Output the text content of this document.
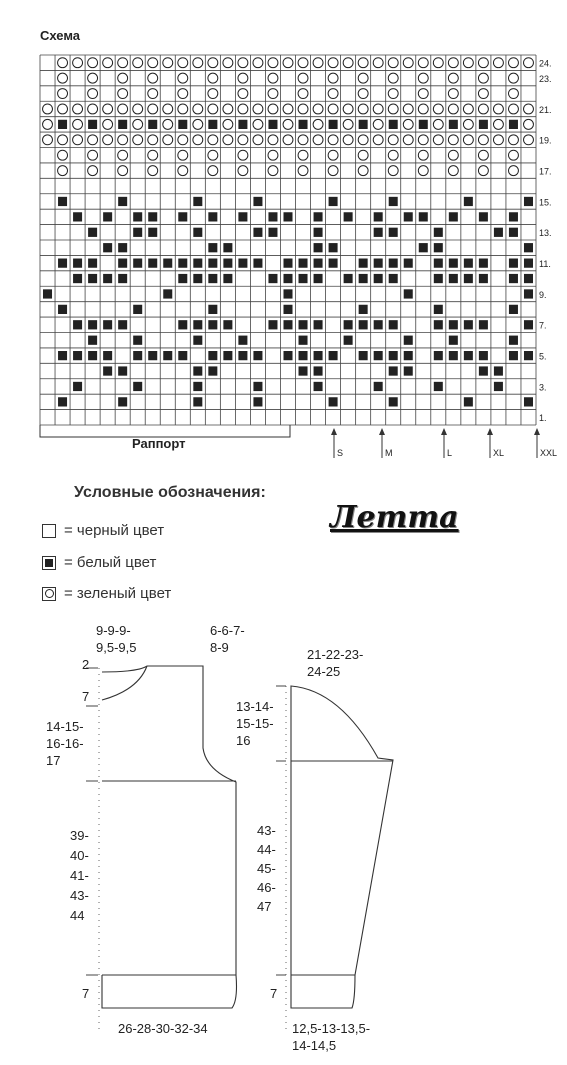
Схема
24.
23.
21.
19.
17.
15.
13.
11.
9.
7.
5.
3.
1.
S	M	L	XL	XXL
Раппорт
Условные обозначения:
= черный цвет
= белый цвет
= зеленый цвет
Летта
9-9-9-
9,5-9,5
6-6-7-
8-9
2
7
14-15-
16-16-
17
39-
40-
41-
43-
44
7
26-28-30-32-34
21-22-23-
24-25
13-14-
15-15-
16
43-
44-
45-
46-
47
7
12,5-13-13,5-
14-14,5
